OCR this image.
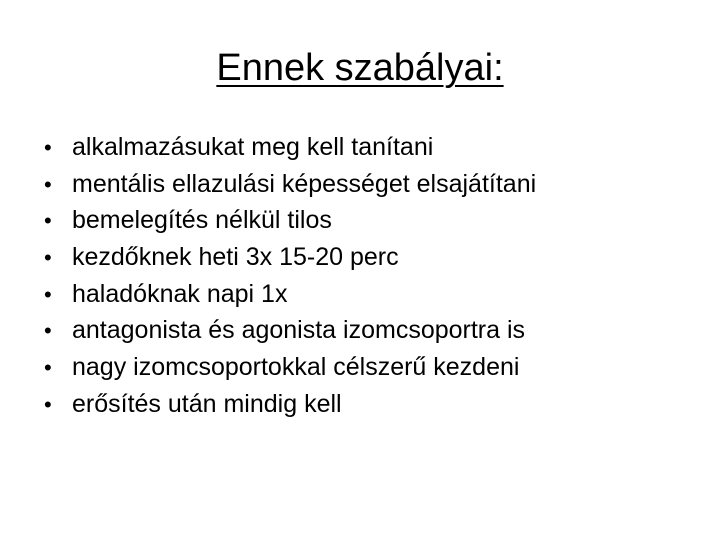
Ennek szabályai:
• alkalmazásukat meg kell tanítani
• mentális ellazulási képességet elsajátítani
• bemelegítés nélkül tilos
• kezdőknek heti 3x 15-20 perc
• haladóknak napi 1x
• antagonista és agonista izomcsoportra is
• nagy izomcsoportokkal célszerű kezdeni
• erősítés után mindig kell
